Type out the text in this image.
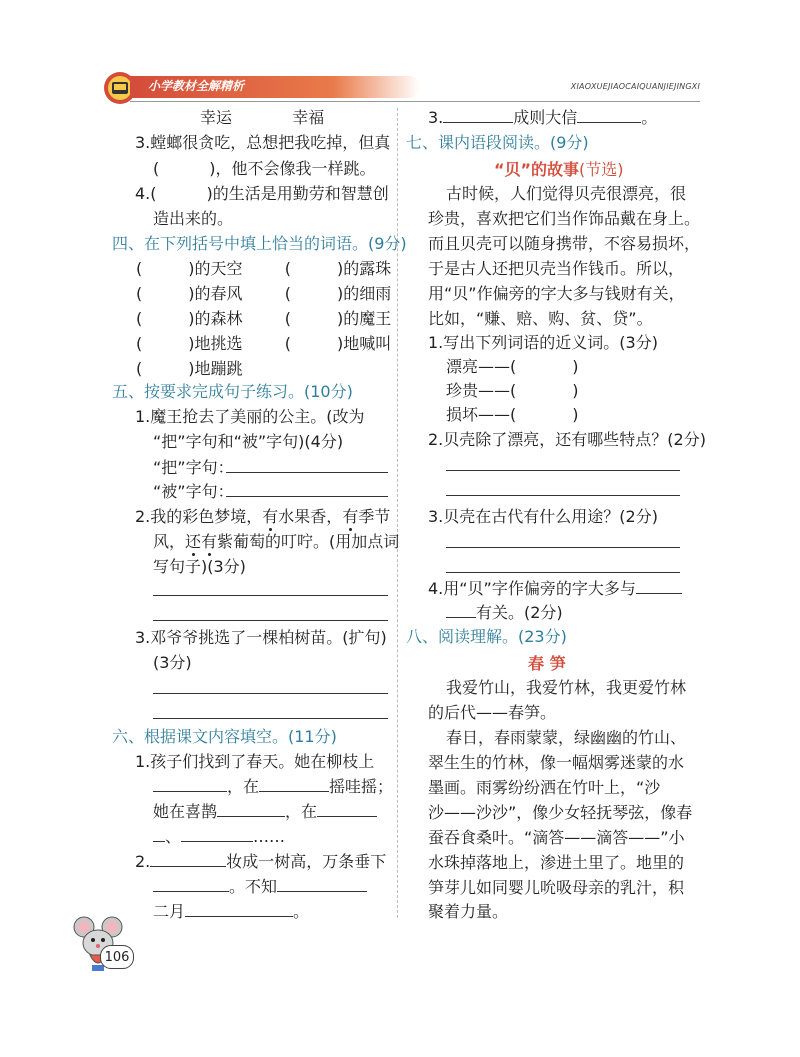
小学教材全解精析	XIAOXUEJIAOCAIQUANJIEJINGXI
幸运	幸福
3.螳螂很贪吃，总想把我吃掉，但真
(	)，他不会像我一样跳。
4.(	)的生活是用勤劳和智慧创
造出来的。
四、在下列括号中填上恰当的词语。(9分)
(	)的天空	(	)的露珠
(	)的春风	(	)的细雨
(	)的森林	(	)的魔王
(	)地挑选	(	)地喊叫
(	)地蹦跳
五、按要求完成句子练习。(10分)
1.魔王抢去了美丽的公主。(改为
“把”字句和“被”字句)(4分)
“把”字句：
“被”字句：
2.我的彩色梦境，有水果香，有季节
风，还有紫葡萄的叮咛。(用加点词
写句子)(3分)
3.邓爷爷挑选了一棵柏树苗。(扩句)
(3分)
六、根据课文内容填空。(11分)
1.孩子们找到了春天。她在柳枝上
，在	摇哇摇；
她在喜鹊	，在
、	……
2.	妆成一树高，万条垂下
。不知
二月	。
3.	成则大信	。
七、课内语段阅读。(9分)
“贝”的故事(节选)
古时候，人们觉得贝壳很漂亮，很
珍贵，喜欢把它们当作饰品戴在身上。
而且贝壳可以随身携带，不容易损坏，
于是古人还把贝壳当作钱币。所以，
用“贝”作偏旁的字大多与钱财有关，
比如，“赚、赔、购、贫、贷”。
1.写出下列词语的近义词。(3分)
漂亮——(	)
珍贵——(	)
损坏——(	)
2.贝壳除了漂亮，还有哪些特点？(2分)
3.贝壳在古代有什么用途？(2分)
4.用“贝”字作偏旁的字大多与
有关。(2分)
八、阅读理解。(23分)
春 笋
我爱竹山，我爱竹林，我更爱竹林
的后代——春笋。
春日，春雨蒙蒙，绿幽幽的竹山、
翠生生的竹林，像一幅烟雾迷蒙的水
墨画。雨雾纷纷洒在竹叶上，“沙
沙——沙沙”，像少女轻抚琴弦，像春
蚕吞食桑叶。“滴答——滴答——”小
水珠掉落地上，渗进土里了。地里的
笋芽儿如同婴儿吮吸母亲的乳汁，积
聚着力量。
106
